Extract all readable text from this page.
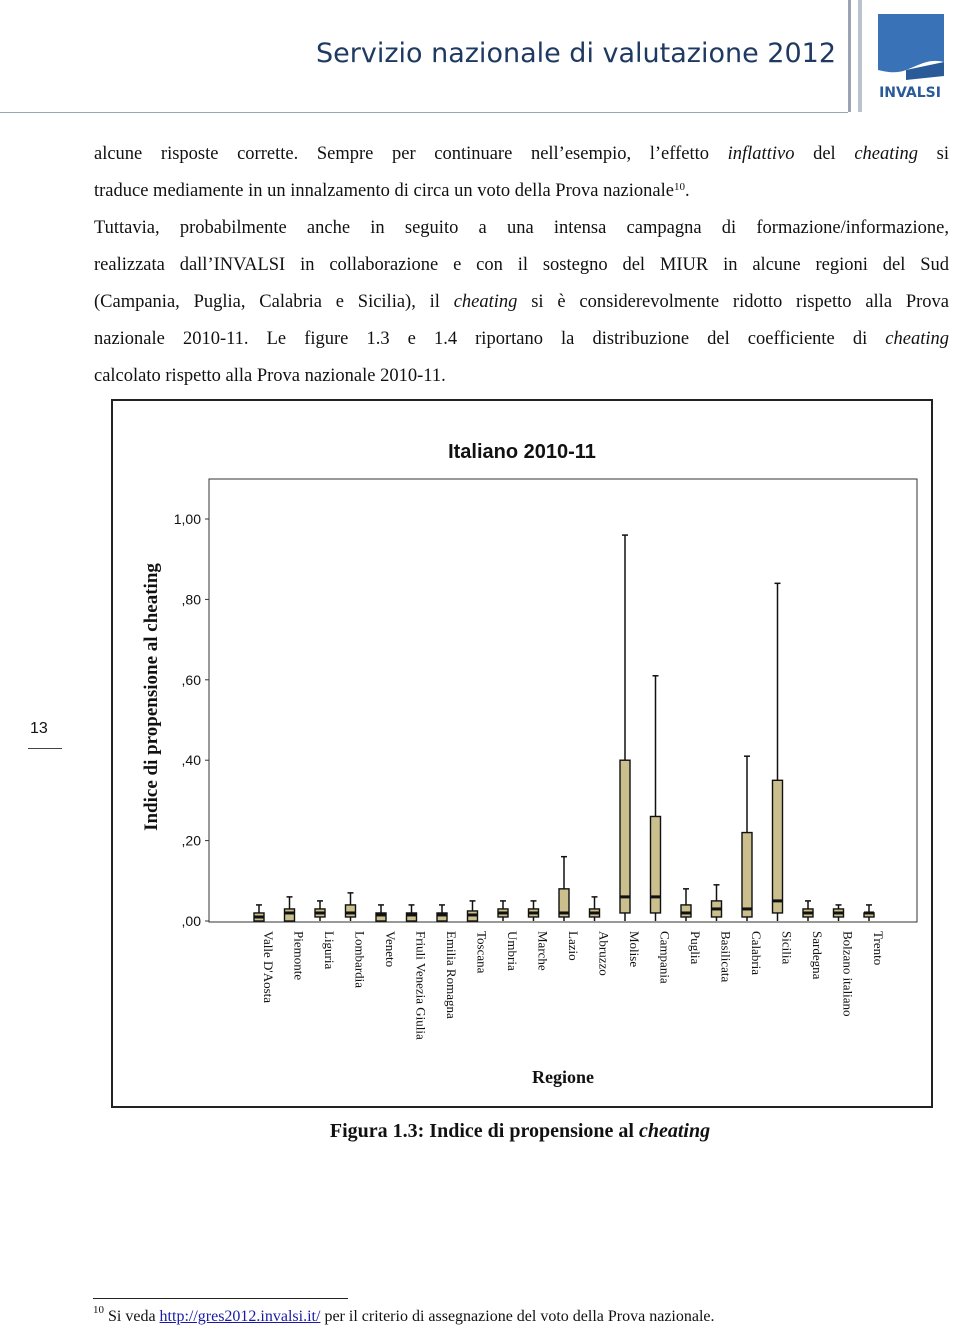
Servizio nazionale di valutazione 2012
INVALSI
alcune risposte corrette. Sempre per continuare nell’esempio, l’effetto inflattivo del cheating si
traduce mediamente in un innalzamento di circa un voto della Prova nazionale$^{10}$.
Tuttavia, probabilmente anche in seguito a una intensa campagna di formazione/informazione,
realizzata dall’INVALSI in collaborazione e con il sostegno del MIUR in alcune regioni del Sud
(Campania, Puglia, Calabria e Sicilia), il cheating si è considerevolmente ridotto rispetto alla Prova
nazionale 2010-11. Le figure 1.3 e 1.4 riportano la distribuzione del coefficiente di cheating
calcolato rispetto alla Prova nazionale 2010-11.
13
Italiano 2010-11
Indice di propensione al cheating
Regione
,00
,20
,40
,60
,80
1,00
Valle D'Aosta Piemonte Liguria Lombardia Veneto Friuli Venezia Giulia Emilia Romagna Toscana Umbria Marche Lazio Abruzzo Molise Campania Puglia Basilicata Calabria Sicilia Sardegna Bolzano italiano Trento
Figura 1.3: Indice di propensione al cheating
$^{10}$ Si veda http://gres2012.invalsi.it/ per il criterio di assegnazione del voto della Prova nazionale.
